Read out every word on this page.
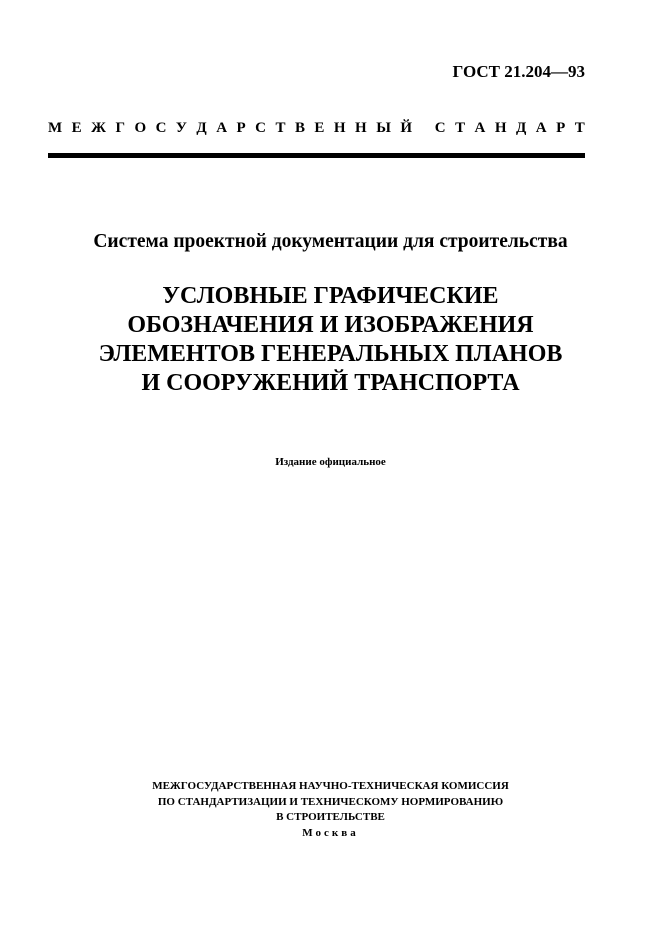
ГОСТ 21.204—93
М Е Ж Г О С У Д А Р С Т В Е Н Н Ы Й
С Т А Н Д А Р Т
Система проектной документации для строительства
УСЛОВНЫЕ ГРАФИЧЕСКИЕ
ОБОЗНАЧЕНИЯ И ИЗОБРАЖЕНИЯ
ЭЛЕМЕНТОВ ГЕНЕРАЛЬНЫХ ПЛАНОВ
И СООРУЖЕНИЙ ТРАНСПОРТА
Издание официальное
МЕЖГОСУДАРСТВЕННАЯ НАУЧНО-ТЕХНИЧЕСКАЯ КОМИССИЯ
ПО СТАНДАРТИЗАЦИИ И ТЕХНИЧЕСКОМУ НОРМИРОВАНИЮ
В СТРОИТЕЛЬСТВЕ
Москва
